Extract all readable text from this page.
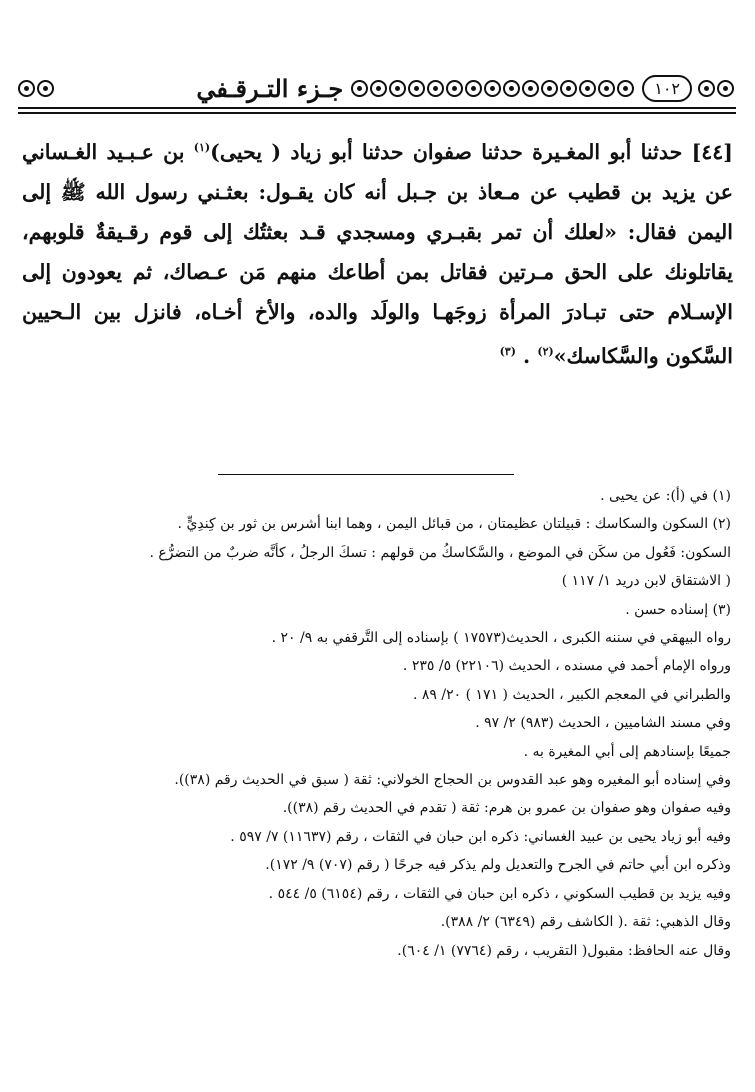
جـزء التـرقـفي	١٠٢
[٤٤] حدثنا أبو المغـيرة حدثنا صفوان حدثنا أبو زياد ( يحيى)$^{(١)}$ بن عـبـيد الغـساني عن يزيد بن قطيب عن مـعاذ بن جـبل أنه كان يقـول: بعثـني رسول الله ﷺ إلى اليمن فقال: «لعلك أن تمر بقبـري ومسجدي قـد بعثتُك إلى قوم رقـيقةٌ قلوبهم، يقاتلونك على الحق مـرتين فقاتل بمن أطاعك منهم مَن عـصاك، ثم يعودون إلى الإسـلام حتى تبـادرَ المرأة زوجَهـا والولَد والده، والأخ أخـاه، فانزل بين الـحيين السَّكون والسَّكاسك»$^{(٢)}$ . $^{(٣)}$

(١) في (أ): عن يحيى .

(٢) السكون والسكاسك : قبيلتان عظيمتان ، من قبائل اليمن ، وهما ابنا أشرس بن ثور بن كِندِيٍّ .

السكون: فَعُول من سكَن في الموضع ، والسَّكاسكُ من قولهم : تسكَ الرجلُ ، كأنَّه ضربٌ من التضرُّع .

( الاشتقاق لابن دريد ١/ ١١٧ )

(٣) إسناده حسن .

رواه البيهقي في سننه الكبرى ، الحديث(١٧٥٧٣ ) بإسناده إلى التَّرقفي به ٩/ ٢٠ .

ورواه الإمام أحمد في مسنده ، الحديث (٢٢١٠٦) ٥/ ٢٣٥ .

والطبراني في المعجم الكبير ، الحديث ( ١٧١ ) ٢٠/ ٨٩ .

وفي مسند الشاميين ، الحديث (٩٨٣) ٢/ ٩٧ .

جميعًا بإسنادهم إلى أبي المغيرة به .

وفي إسناده أبو المغيره وهو عبد القدوس بن الحجاج الخولاني: ثقة ( سبق في الحديث رقم (٣٨)).

وفيه صفوان وهو صفوان بن عمرو بن هرم: ثقة ( تقدم في الحديث رقم (٣٨)).

وفيه أبو زياد يحيى بن عبيد الغساني: ذكره ابن حبان في الثقات ، رقم (١١٦٣٧) ٧/ ٥٩٧ .

وذكره ابن أبي حاتم في الجرح والتعديل ولم يذكر فيه جرحًا ( رقم (٧٠٧) ٩/ ١٧٢).

وفيه يزيد بن قطيب السكوني ، ذكره ابن حبان في الثقات ، رقم (٦١٥٤) ٥/ ٥٤٤ .

وقال الذهبي: ثقة .( الكاشف رقم (٦٣٤٩) ٢/ ٣٨٨).

وقال عنه الحافظ: مقبول( التقريب ، رقم (٧٧٦٤) ١/ ٦٠٤).
